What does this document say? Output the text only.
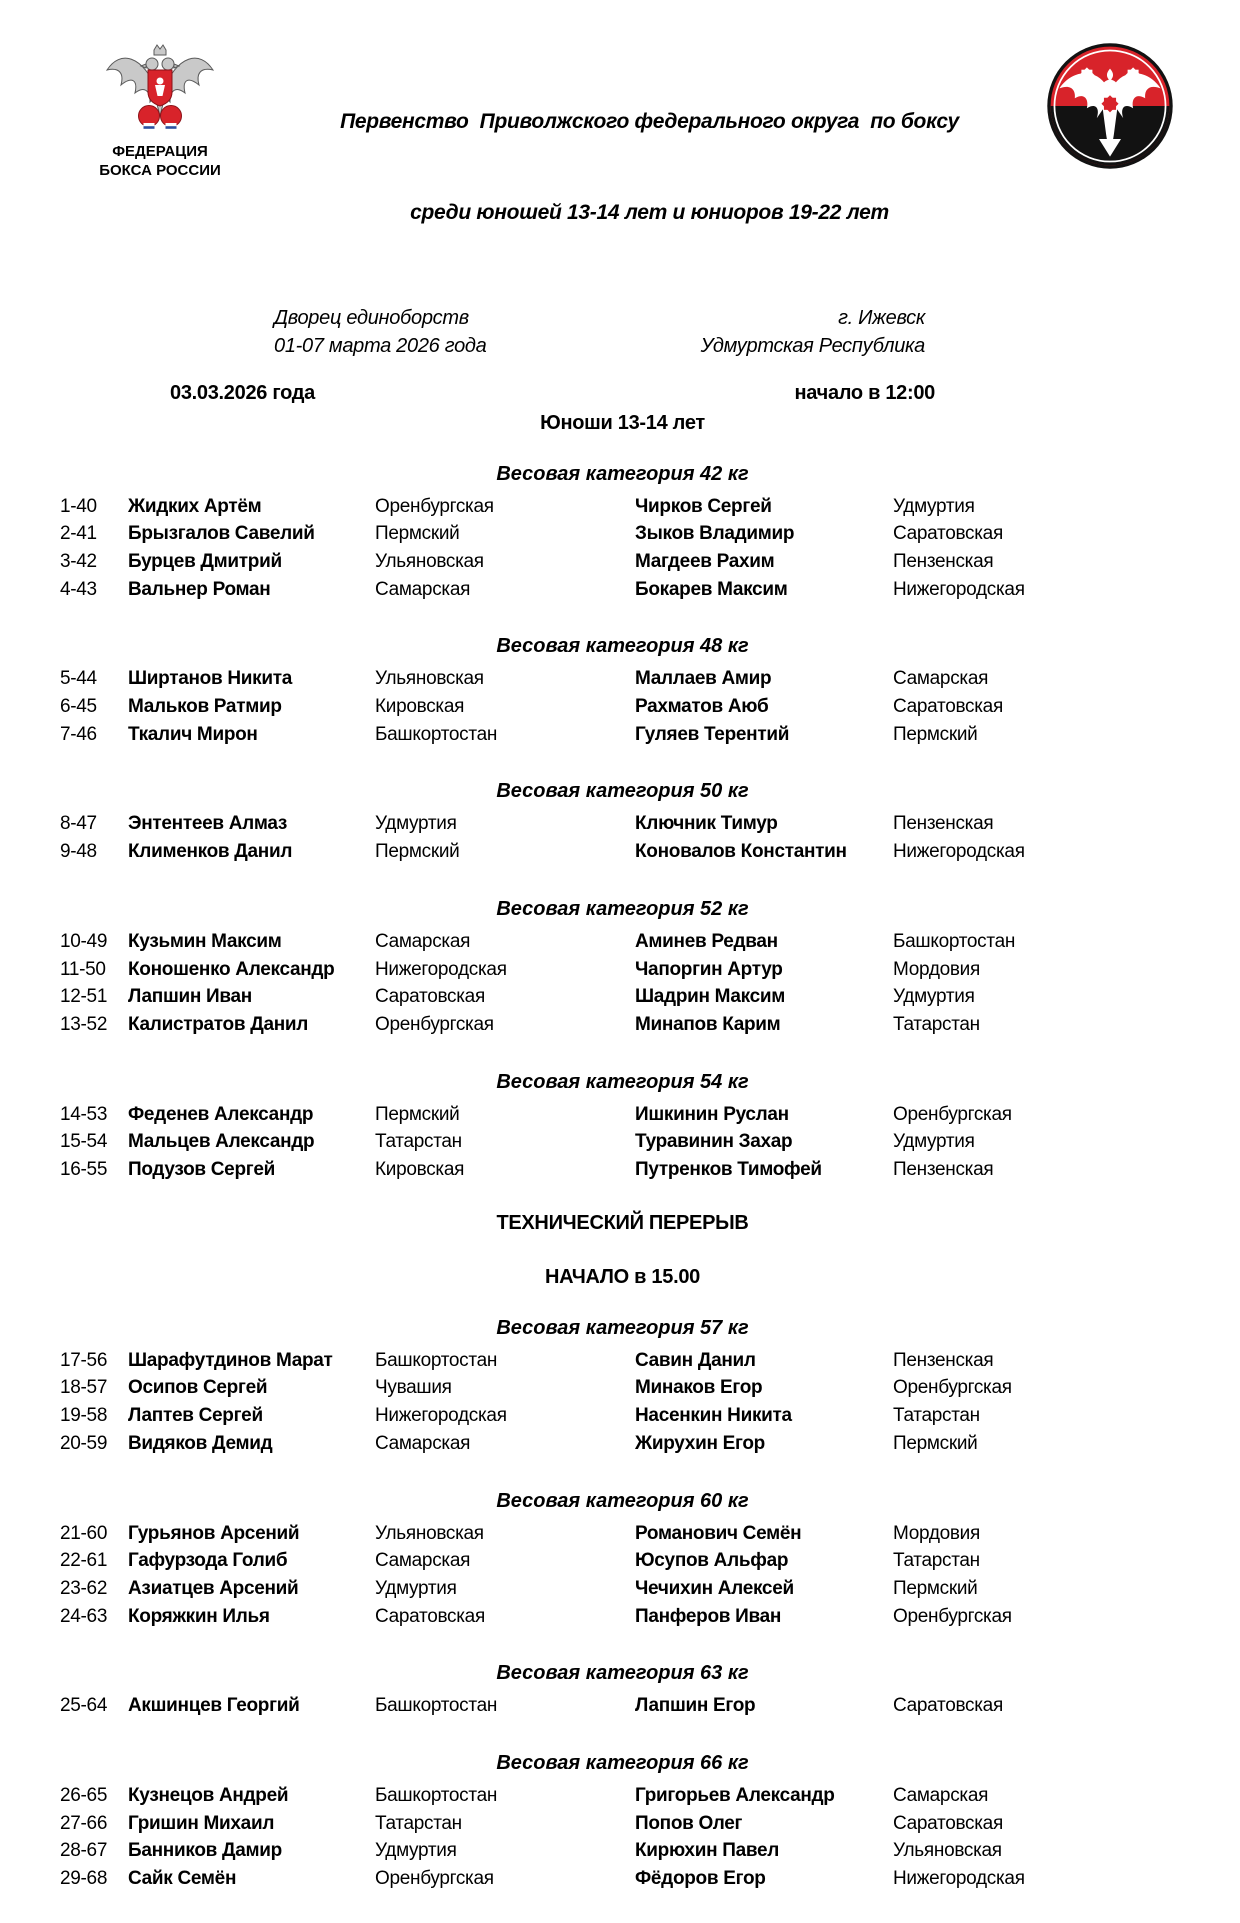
ФЕДЕРАЦИЯ
БОКСА РОССИИ

Первенство  Приволжского федерального округа  по боксу

среди юношей 13-14 лет и юниоров 19-22 лет

Дворец единоборств
01-07 марта 2026 года
г. Ижевск
Удмуртская Республика
03.03.2026 года	начало в 12:00
Юноши 13-14 лет
Весовая категория 42 кг
1-40	Жидких Артём	Оренбургская	Чирков Сергей	Удмуртия
2-41	Брызгалов Савелий	Пермский	Зыков Владимир	Саратовская
3-42	Бурцев Дмитрий	Ульяновская	Магдеев Рахим	Пензенская
4-43	Вальнер Роман	Самарская	Бокарев Максим	Нижегородская
Весовая категория 48 кг
5-44	Ширтанов Никита	Ульяновская	Маллаев Амир	Самарская
6-45	Мальков Ратмир	Кировская	Рахматов Аюб	Саратовская
7-46	Ткалич Мирон	Башкортостан	Гуляев Терентий	Пермский
Весовая категория 50 кг
8-47	Энтентеев Алмаз	Удмуртия	Ключник Тимур	Пензенская
9-48	Клименков Данил	Пермский	Коновалов Константин	Нижегородская
Весовая категория 52 кг
10-49	Кузьмин Максим	Самарская	Аминев Редван	Башкортостан
11-50	Коношенко Александр	Нижегородская	Чапоргин Артур	Мордовия
12-51	Лапшин Иван	Саратовская	Шадрин Максим	Удмуртия
13-52	Калистратов Данил	Оренбургская	Минапов Карим	Татарстан
Весовая категория 54 кг
14-53	Феденев Александр	Пермский	Ишкинин Руслан	Оренбургская
15-54	Мальцев Александр	Татарстан	Туравинин Захар	Удмуртия
16-55	Подузов Сергей	Кировская	Путренков Тимофей	Пензенская
ТЕХНИЧЕСКИЙ ПЕРЕРЫВ
НАЧАЛО в 15.00
Весовая категория 57 кг
17-56	Шарафутдинов Марат	Башкортостан	Савин Данил	Пензенская
18-57	Осипов Сергей	Чувашия	Минаков Егор	Оренбургская
19-58	Лаптев Сергей	Нижегородская	Насенкин Никита	Татарстан
20-59	Видяков Демид	Самарская	Жирухин Егор	Пермский
Весовая категория 60 кг
21-60	Гурьянов Арсений	Ульяновская	Романович Семён	Мордовия
22-61	Гафурзода Голиб	Самарская	Юсупов Альфар	Татарстан
23-62	Азиатцев Арсений	Удмуртия	Чечихин Алексей	Пермский
24-63	Коряжкин Илья	Саратовская	Панферов Иван	Оренбургская
Весовая категория 63 кг
25-64	Акшинцев Георгий	Башкортостан	Лапшин Егор	Саратовская
Весовая категория 66 кг
26-65	Кузнецов Андрей	Башкортостан	Григорьев Александр	Самарская
27-66	Гришин Михаил	Татарстан	Попов Олег	Саратовская
28-67	Банников Дамир	Удмуртия	Кирюхин Павел	Ульяновская
29-68	Сайк Семён	Оренбургская	Фёдоров Егор	Нижегородская
